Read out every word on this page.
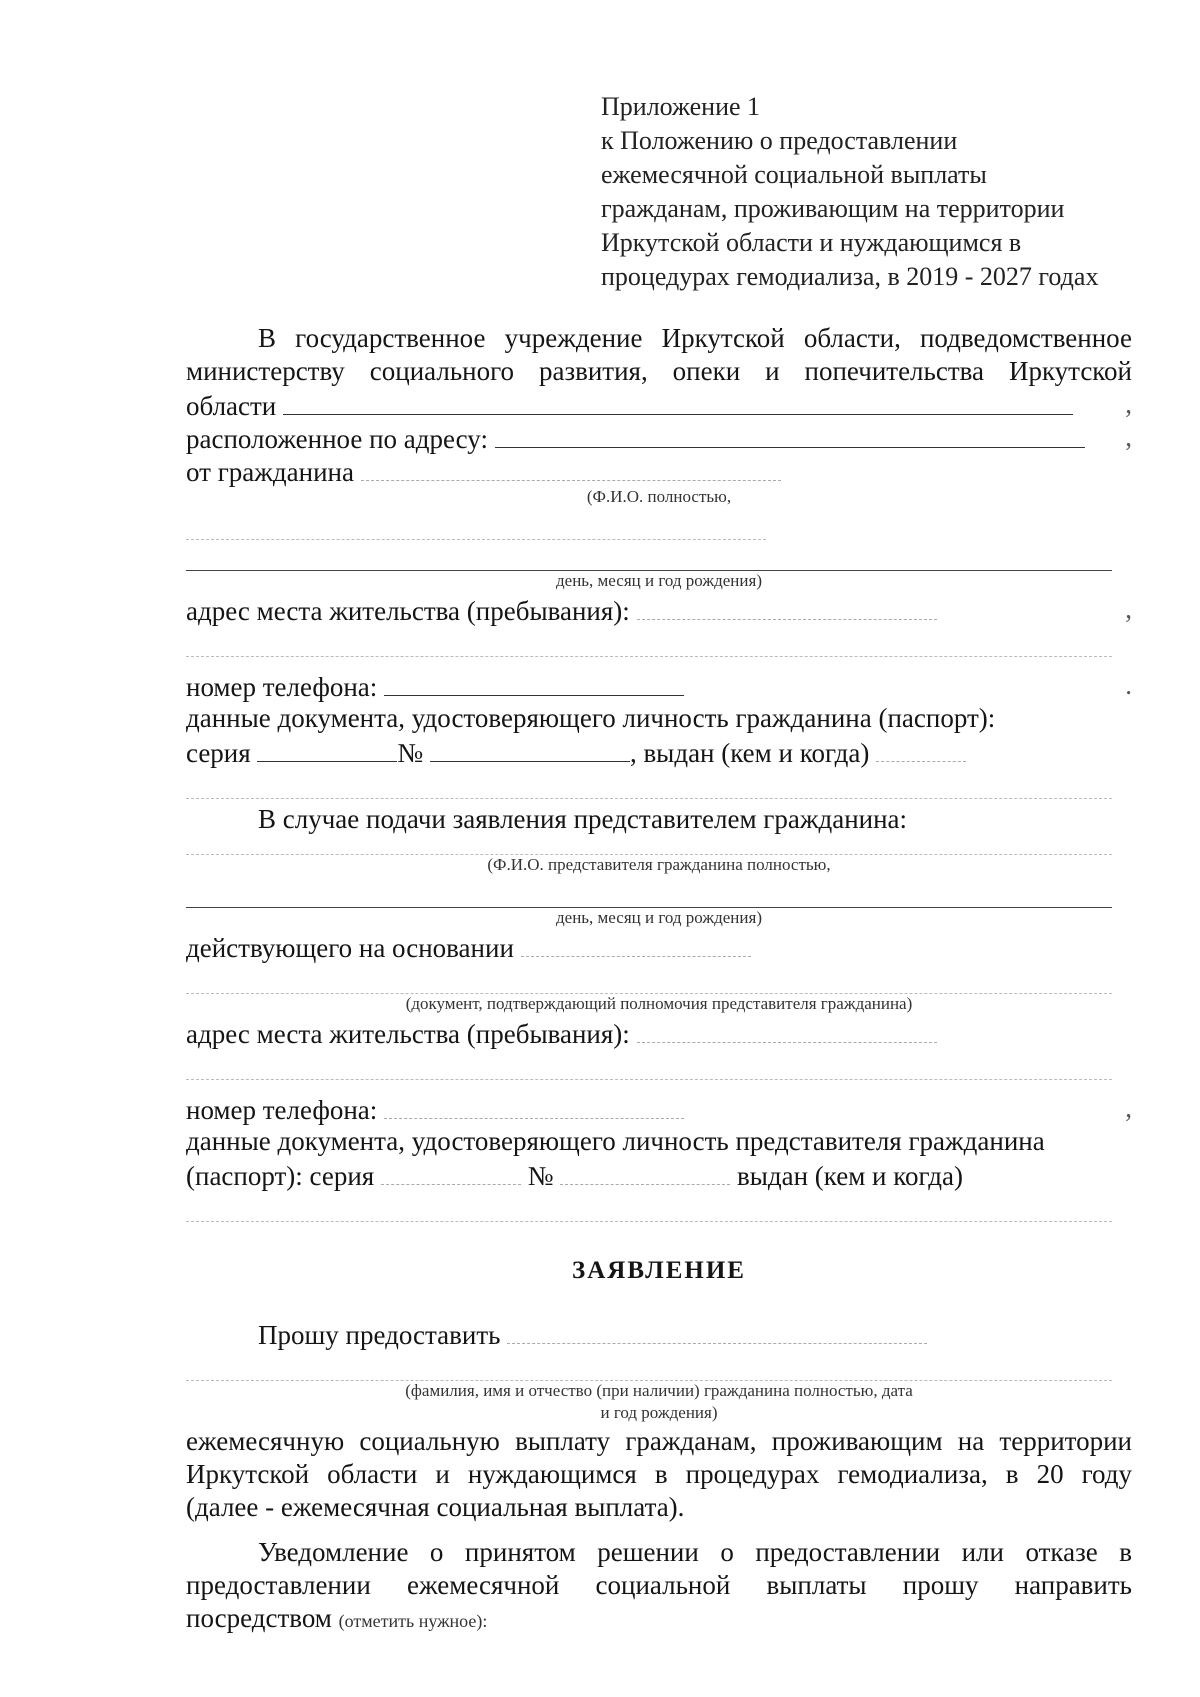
Приложение 1
к Положению о предоставлении
ежемесячной социальной выплаты
гражданам, проживающим на территории
Иркутской области и нуждающимся в
процедурах гемодиализа, в 2019 - 2027 годах
В государственное учреждение Иркутской области, подведомственное
министерству социального развития, опеки и попечительства Иркутской
области	,
расположенное по адресу:	,
от гражданина
(Ф.И.О. полностью,
день, месяц и год рождения)
адрес места жительства (пребывания):	,
номер телефона:	.
данные документа, удостоверяющего личность гражданина (паспорт):
серия	№	, выдан (кем и когда)
В случае подачи заявления представителем гражданина:
(Ф.И.О. представителя гражданина полностью,
день, месяц и год рождения)
действующего на основании
(документ, подтверждающий полномочия представителя гражданина)
адрес места жительства (пребывания):
номер телефона:	,
данные документа, удостоверяющего личность представителя гражданина
(паспорт): серия	№	выдан (кем и когда)
ЗАЯВЛЕНИЕ
Прошу предоставить
(фамилия, имя и отчество (при наличии) гражданина полностью, дата
и год рождения)
ежемесячную социальную выплату гражданам, проживающим на территории
Иркутской области и нуждающимся в процедурах гемодиализа, в 20 году
(далее - ежемесячная социальная выплата).
Уведомление о принятом решении о предоставлении или отказе в
предоставлении ежемесячной социальной выплаты прошу направить
посредством (отметить нужное):
